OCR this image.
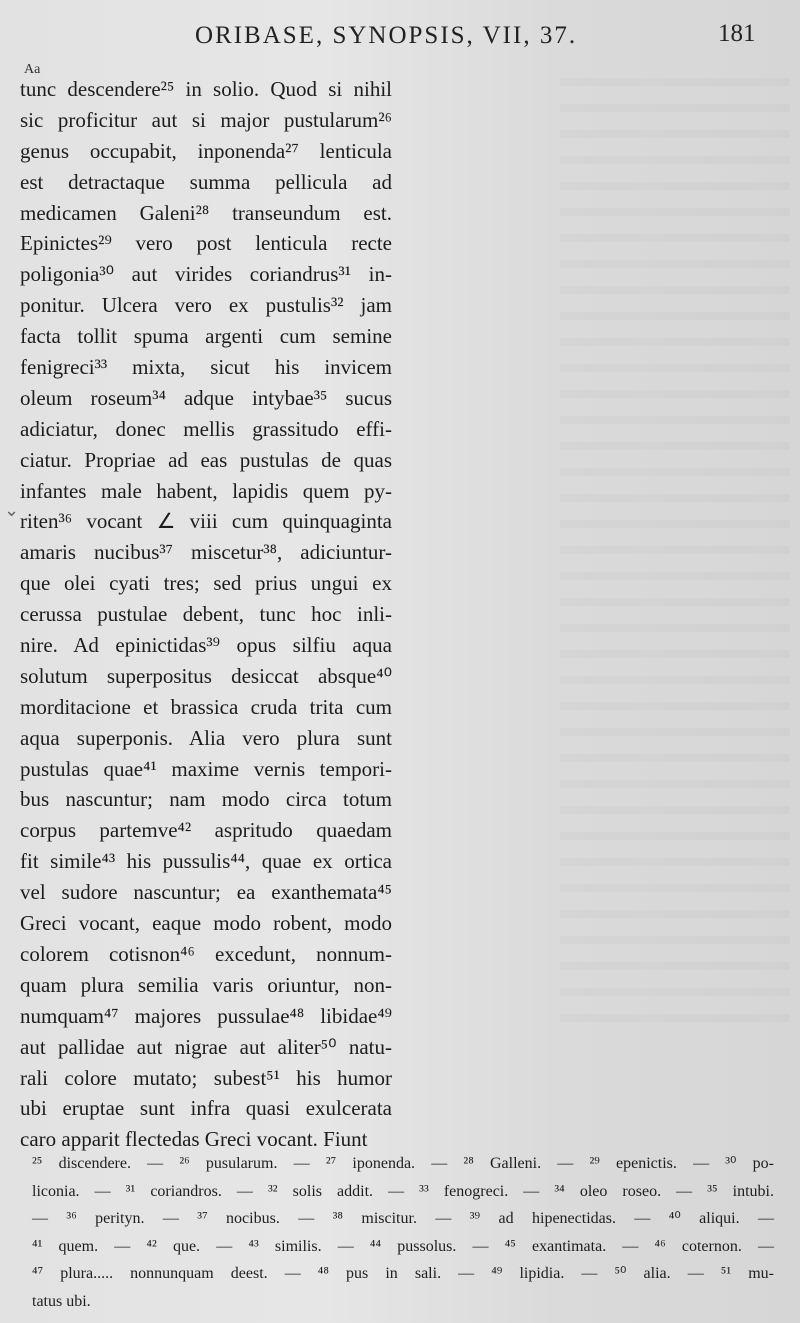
ORIBASE, SYNOPSIS, VII, 37.	181
Aa
⌄
tunc descendere²⁵ in solio. Quod si nihil
sic proficitur aut si major pustularum²⁶
genus occupabit, inponenda²⁷ lenticula
est detractaque summa pellicula ad
medicamen Galeni²⁸ transeundum est.
Epinictes²⁹ vero post lenticula recte
poligonia³⁰ aut virides coriandrus³¹ in-
ponitur. Ulcera vero ex pustulis³² jam
facta tollit spuma argenti cum semine
fenigreci³³ mixta, sicut his invicem
oleum roseum³⁴ adque intybae³⁵ sucus
adiciatur, donec mellis grassitudo effi-
ciatur. Propriae ad eas pustulas de quas
infantes male habent, lapidis quem py-
riten³⁶ vocant ∠ viii cum quinquaginta
amaris nucibus³⁷ miscetur³⁸, adiciuntur-
que olei cyati tres; sed prius ungui ex
cerussa pustulae debent, tunc hoc inli-
nire. Ad epinictidas³⁹ opus silfiu aqua
solutum superpositus desiccat absque⁴⁰
morditacione et brassica cruda trita cum
aqua superponis. Alia vero plura sunt
pustulas quae⁴¹ maxime vernis tempori-
bus nascuntur; nam modo circa totum
corpus partemve⁴² aspritudo quaedam
fit simile⁴³ his pussulis⁴⁴, quae ex ortica
vel sudore nascuntur; ea exanthemata⁴⁵
Greci vocant, eaque modo robent, modo
colorem cotisnon⁴⁶ excedunt, nonnum-
quam plura semilia varis oriuntur, non-
numquam⁴⁷ majores pussulae⁴⁸ libidae⁴⁹
aut pallidae aut nigrae aut aliter⁵⁰ natu-
rali colore mutato; subest⁵¹ his humor
ubi eruptae sunt infra quasi exulcerata
caro apparit flectedas Greci vocant. Fiunt
²⁵ discendere. — ²⁶ pusularum. — ²⁷ iponenda. — ²⁸ Galleni. — ²⁹ epenictis. — ³⁰ po-
liconia. — ³¹ coriandros. — ³² solis addit. — ³³ fenogreci. — ³⁴ oleo roseo. — ³⁵ intubi.
— ³⁶ perityn. — ³⁷ nocibus. — ³⁸ miscitur. — ³⁹ ad hipenectidas. — ⁴⁰ aliqui. —
⁴¹ quem. — ⁴² que. — ⁴³ similis. — ⁴⁴ pussolus. — ⁴⁵ exantimata. — ⁴⁶ coternon. —
⁴⁷ plura..... nonnunquam deest. — ⁴⁸ pus in sali. — ⁴⁹ lipidia. — ⁵⁰ alia. — ⁵¹ mu-
tatus ubi.
